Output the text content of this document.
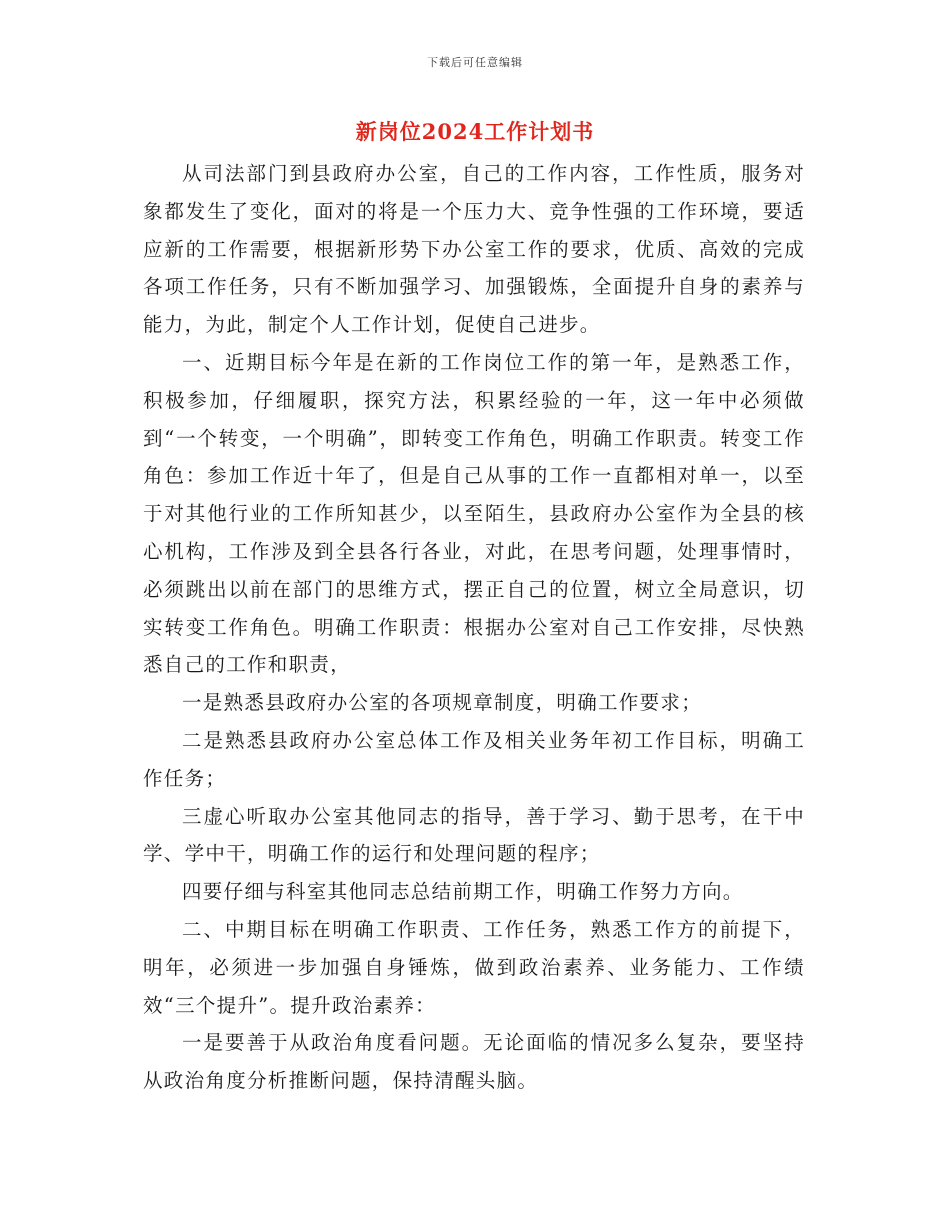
下载后可任意编辑
新岗位2024工作计划书

从司法部门到县政府办公室，自己的工作内容，工作性质，服务对象都发生了变化，面对的将是一个压力大、竞争性强的工作环境，要适应新的工作需要，根据新形势下办公室工作的要求，优质、高效的完成各项工作任务，只有不断加强学习、加强锻炼，全面提升自身的素养与能力，为此，制定个人工作计划，促使自己进步。

一、近期目标今年是在新的工作岗位工作的第一年，是熟悉工作，积极参加，仔细履职，探究方法，积累经验的一年，这一年中必须做到“一个转变，一个明确”，即转变工作角色，明确工作职责。转变工作角色：参加工作近十年了，但是自己从事的工作一直都相对单一，以至于对其他行业的工作所知甚少，以至陌生，县政府办公室作为全县的核心机构，工作涉及到全县各行各业，对此，在思考问题，处理事情时，必须跳出以前在部门的思维方式，摆正自己的位置，树立全局意识，切实转变工作角色。明确工作职责：根据办公室对自己工作安排，尽快熟悉自己的工作和职责，

一是熟悉县政府办公室的各项规章制度，明确工作要求；

二是熟悉县政府办公室总体工作及相关业务年初工作目标，明确工作任务；

三虚心听取办公室其他同志的指导，善于学习、勤于思考，在干中学、学中干，明确工作的运行和处理问题的程序；

四要仔细与科室其他同志总结前期工作，明确工作努力方向。

二、中期目标在明确工作职责、工作任务，熟悉工作方的前提下，明年，必须进一步加强自身锤炼，做到政治素养、业务能力、工作绩效“三个提升”。提升政治素养：

一是要善于从政治角度看问题。无论面临的情况多么复杂，要坚持从政治角度分析推断问题，保持清醒头脑。
